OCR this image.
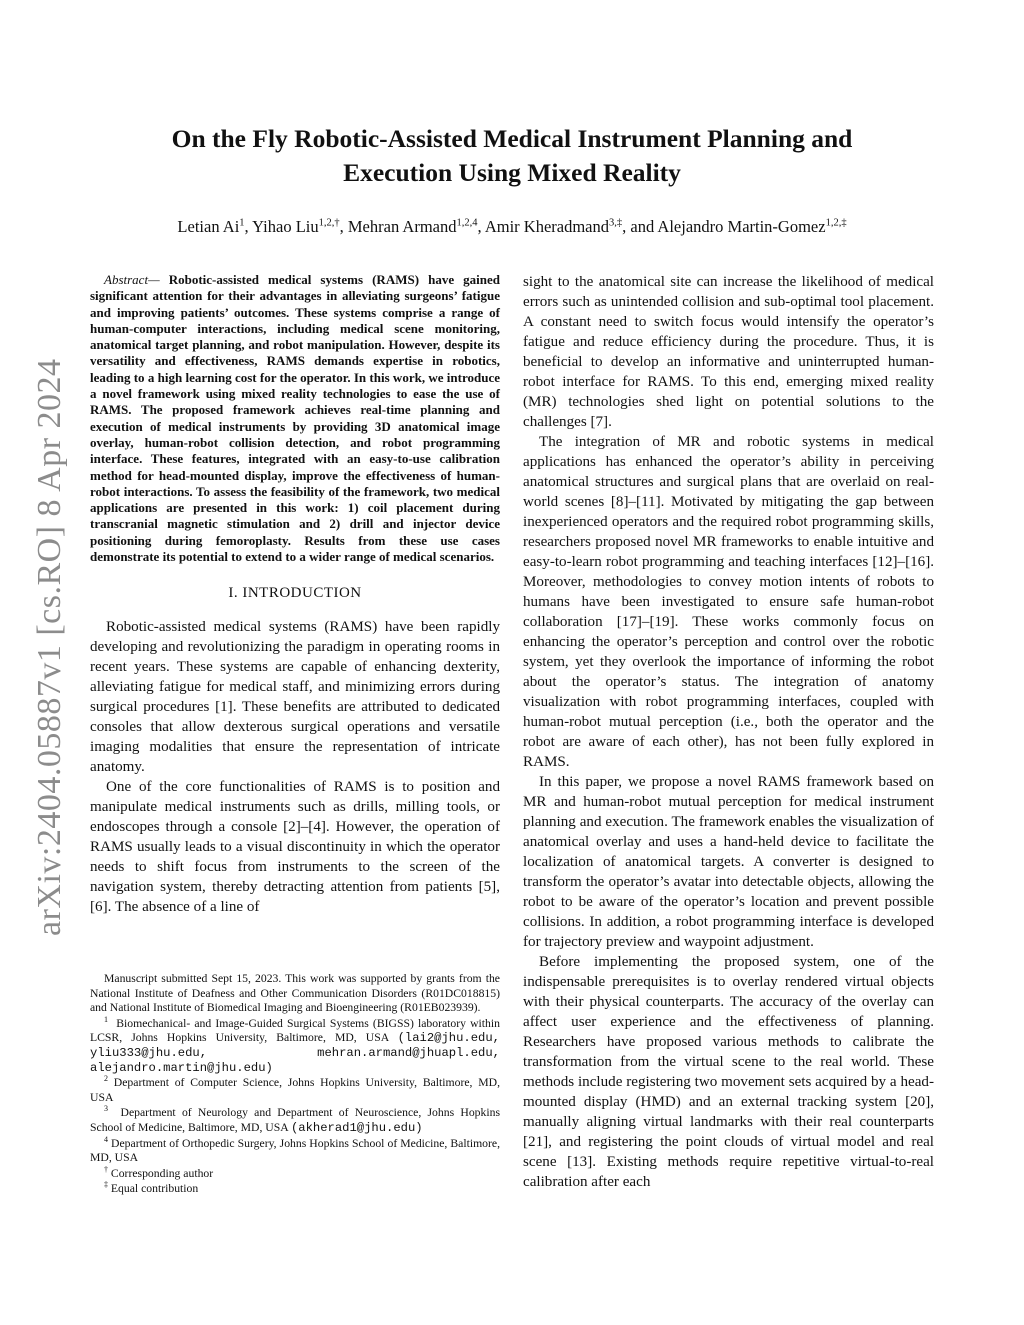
arXiv:2404.05887v1 [cs.RO] 8 Apr 2024
On the Fly Robotic-Assisted Medical Instrument Planning and
Execution Using Mixed Reality
Letian Ai$^1$, Yihao Liu$^{1,2,\dagger}$, Mehran Armand$^{1,2,4}$, Amir Kheradmand$^{3,\ddagger}$, and Alejandro Martin-Gomez$^{1,2,\ddagger}$

Abstract— Robotic-assisted medical systems (RAMS) have gained significant attention for their advantages in alleviating surgeons’ fatigue and improving patients’ outcomes. These systems comprise a range of human-computer interactions, including medical scene monitoring, anatomical target planning, and robot manipulation. However, despite its versatility and effectiveness, RAMS demands expertise in robotics, leading to a high learning cost for the operator. In this work, we introduce a novel framework using mixed reality technologies to ease the use of RAMS. The proposed framework achieves real-time planning and execution of medical instruments by providing 3D anatomical image overlay, human-robot collision detection, and robot programming interface. These features, integrated with an easy-to-use calibration method for head-mounted display, improve the effectiveness of human-robot interactions. To assess the feasibility of the framework, two medical applications are presented in this work: 1) coil placement during transcranial magnetic stimulation and 2) drill and injector device positioning during femoroplasty. Results from these use cases demonstrate its potential to extend to a wider range of medical scenarios.

I. INTRODUCTION

Robotic-assisted medical systems (RAMS) have been rapidly developing and revolutionizing the paradigm in operating rooms in recent years. These systems are capable of enhancing dexterity, alleviating fatigue for medical staff, and minimizing errors during surgical procedures [1]. These benefits are attributed to dedicated consoles that allow dexterous surgical operations and versatile imaging modalities that ensure the representation of intricate anatomy.

One of the core functionalities of RAMS is to position and manipulate medical instruments such as drills, milling tools, or endoscopes through a console [2]–[4]. However, the operation of RAMS usually leads to a visual discontinuity in which the operator needs to shift focus from instruments to the screen of the navigation system, thereby detracting attention from patients [5], [6]. The absence of a line of

Manuscript submitted Sept 15, 2023. This work was supported by grants from the National Institute of Deafness and Other Communication Disorders (R01DC018815) and National Institute of Biomedical Imaging and Bioengineering (R01EB023939).

$^1$ Biomechanical- and Image-Guided Surgical Systems (BIGSS) laboratory within LCSR, Johns Hopkins University, Baltimore, MD, USA (lai2@jhu.edu, yliu333@jhu.edu, mehran.armand@jhuapl.edu, alejandro.martin@jhu.edu)

$^2$ Department of Computer Science, Johns Hopkins University, Baltimore, MD, USA

$^3$ Department of Neurology and Department of Neuroscience, Johns Hopkins School of Medicine, Baltimore, MD, USA (akherad1@jhu.edu)

$^4$ Department of Orthopedic Surgery, Johns Hopkins School of Medicine, Baltimore, MD, USA

† Corresponding author

‡ Equal contribution

sight to the anatomical site can increase the likelihood of medical errors such as unintended collision and sub-optimal tool placement. A constant need to switch focus would intensify the operator’s fatigue and reduce efficiency during the procedure. Thus, it is beneficial to develop an informative and uninterrupted human-robot interface for RAMS. To this end, emerging mixed reality (MR) technologies shed light on potential solutions to the challenges [7].

The integration of MR and robotic systems in medical applications has enhanced the operator’s ability in perceiving anatomical structures and surgical plans that are overlaid on real-world scenes [8]–[11]. Motivated by mitigating the gap between inexperienced operators and the required robot programming skills, researchers proposed novel MR frameworks to enable intuitive and easy-to-learn robot programming and teaching interfaces [12]–[16]. Moreover, methodologies to convey motion intents of robots to humans have been investigated to ensure safe human-robot collaboration [17]–[19]. These works commonly focus on enhancing the operator’s perception and control over the robotic system, yet they overlook the importance of informing the robot about the operator’s status. The integration of anatomy visualization with robot programming interfaces, coupled with human-robot mutual perception (i.e., both the operator and the robot are aware of each other), has not been fully explored in RAMS.

In this paper, we propose a novel RAMS framework based on MR and human-robot mutual perception for medical instrument planning and execution. The framework enables the visualization of anatomical overlay and uses a hand-held device to facilitate the localization of anatomical targets. A converter is designed to transform the operator’s avatar into detectable objects, allowing the robot to be aware of the operator’s location and prevent possible collisions. In addition, a robot programming interface is developed for trajectory preview and waypoint adjustment.

Before implementing the proposed system, one of the indispensable prerequisites is to overlay rendered virtual objects with their physical counterparts. The accuracy of the overlay can affect user experience and the effectiveness of planning. Researchers have proposed various methods to calibrate the transformation from the virtual scene to the real world. These methods include registering two movement sets acquired by a head-mounted display (HMD) and an external tracking system [20], manually aligning virtual landmarks with their real counterparts [21], and registering the point clouds of virtual model and real scene [13]. Existing methods require repetitive virtual-to-real calibration after each
